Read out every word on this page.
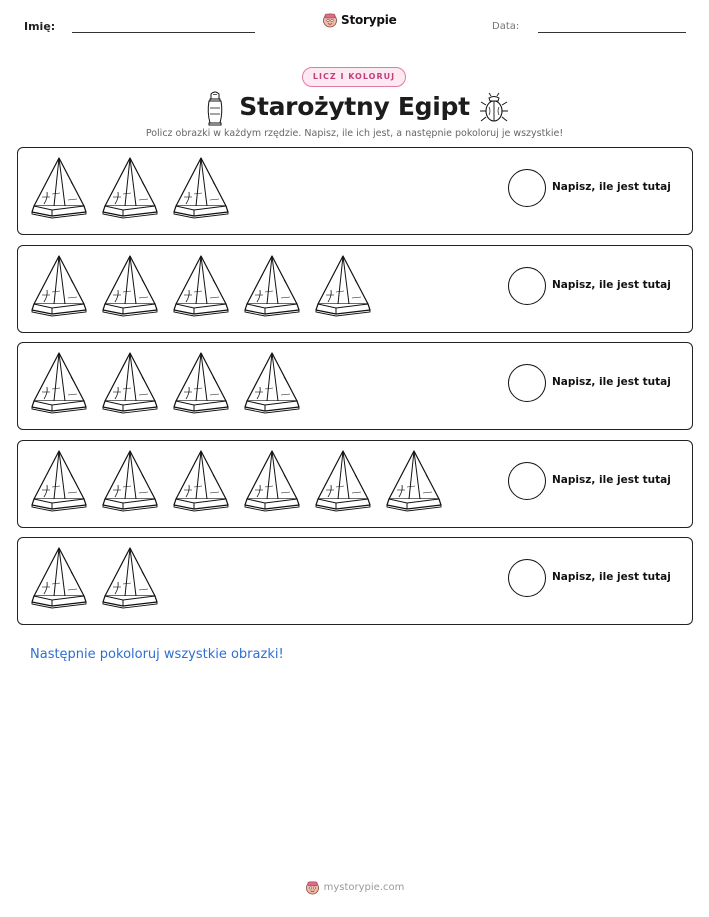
Imię:	Storypie	Data:
LICZ I KOLORUJ
Starożytny Egipt
Policz obrazki w każdym rzędzie. Napisz, ile ich jest, a następnie pokoloruj je wszystkie!
Napisz, ile jest tutaj
Napisz, ile jest tutaj
Napisz, ile jest tutaj
Napisz, ile jest tutaj
Napisz, ile jest tutaj
Następnie pokoloruj wszystkie obrazki!
mystorypie.com
